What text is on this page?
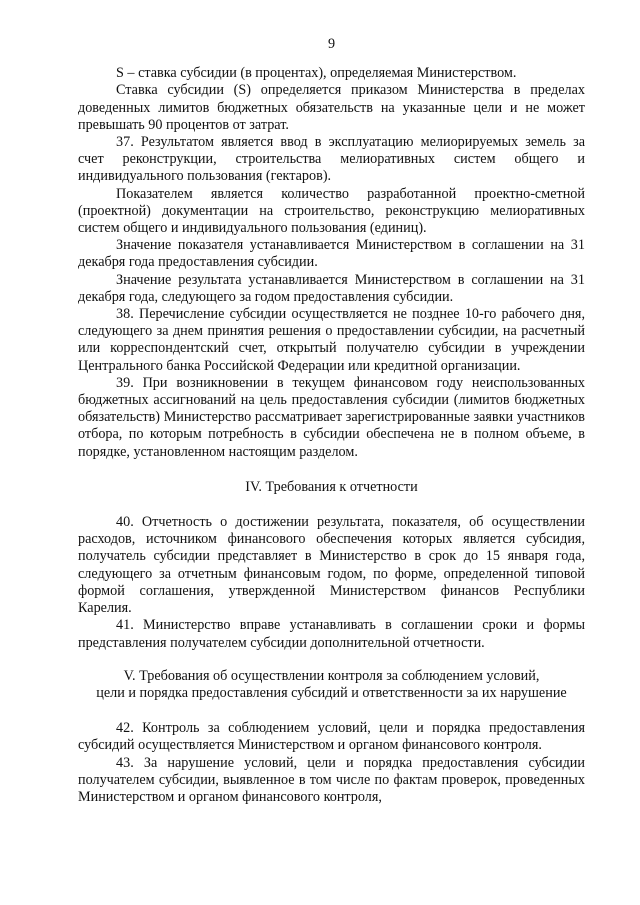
9

S – ставка субсидии (в процентах), определяемая Министерством.

Ставка субсидии (S) определяется приказом Министерства в пределах доведенных лимитов бюджетных обязательств на указанные цели и не может превышать 90 процентов от затрат.

37. Результатом является ввод в эксплуатацию мелиорируемых земель за счет реконструкции, строительства мелиоративных систем общего и индивидуального пользования (гектаров).

Показателем является количество разработанной проектно-сметной (проектной) документации на строительство, реконструкцию мелиоративных систем общего и индивидуального пользования (единиц).

Значение показателя устанавливается Министерством в соглашении на 31 декабря года предоставления субсидии.

Значение результата устанавливается Министерством в соглашении на 31 декабря года, следующего за годом предоставления субсидии.

38. Перечисление субсидии осуществляется не позднее 10-го рабочего дня, следующего за днем принятия решения о предоставлении субсидии, на расчетный или корреспондентский счет, открытый получателю субсидии в учреждении Центрального банка Российской Федерации или кредитной организации.

39. При возникновении в текущем финансовом году неиспользованных бюджетных ассигнований на цель предоставления субсидии (лимитов бюджетных обязательств) Министерство рассматривает зарегистрированные заявки участников отбора, по которым потребность в субсидии обеспечена не в полном объеме, в порядке, установленном настоящим разделом.

IV. Требования к отчетности

40. Отчетность о достижении результата, показателя, об осуществлении расходов, источником финансового обеспечения которых является субсидия, получатель субсидии представляет в Министерство в срок до 15 января года, следующего за отчетным финансовым годом, по форме, определенной типовой формой соглашения, утвержденной Министерством финансов Республики Карелия.

41. Министерство вправе устанавливать в соглашении сроки и формы представления получателем субсидии дополнительной отчетности.

V. Требования об осуществлении контроля за соблюдением условий,
цели и порядка предоставления субсидий и ответственности за их нарушение

42. Контроль за соблюдением условий, цели и порядка предоставления субсидий осуществляется Министерством и органом финансового контроля.

43. За нарушение условий, цели и порядка предоставления субсидии получателем субсидии, выявленное в том числе по фактам проверок, проведенных Министерством и органом финансового контроля,
